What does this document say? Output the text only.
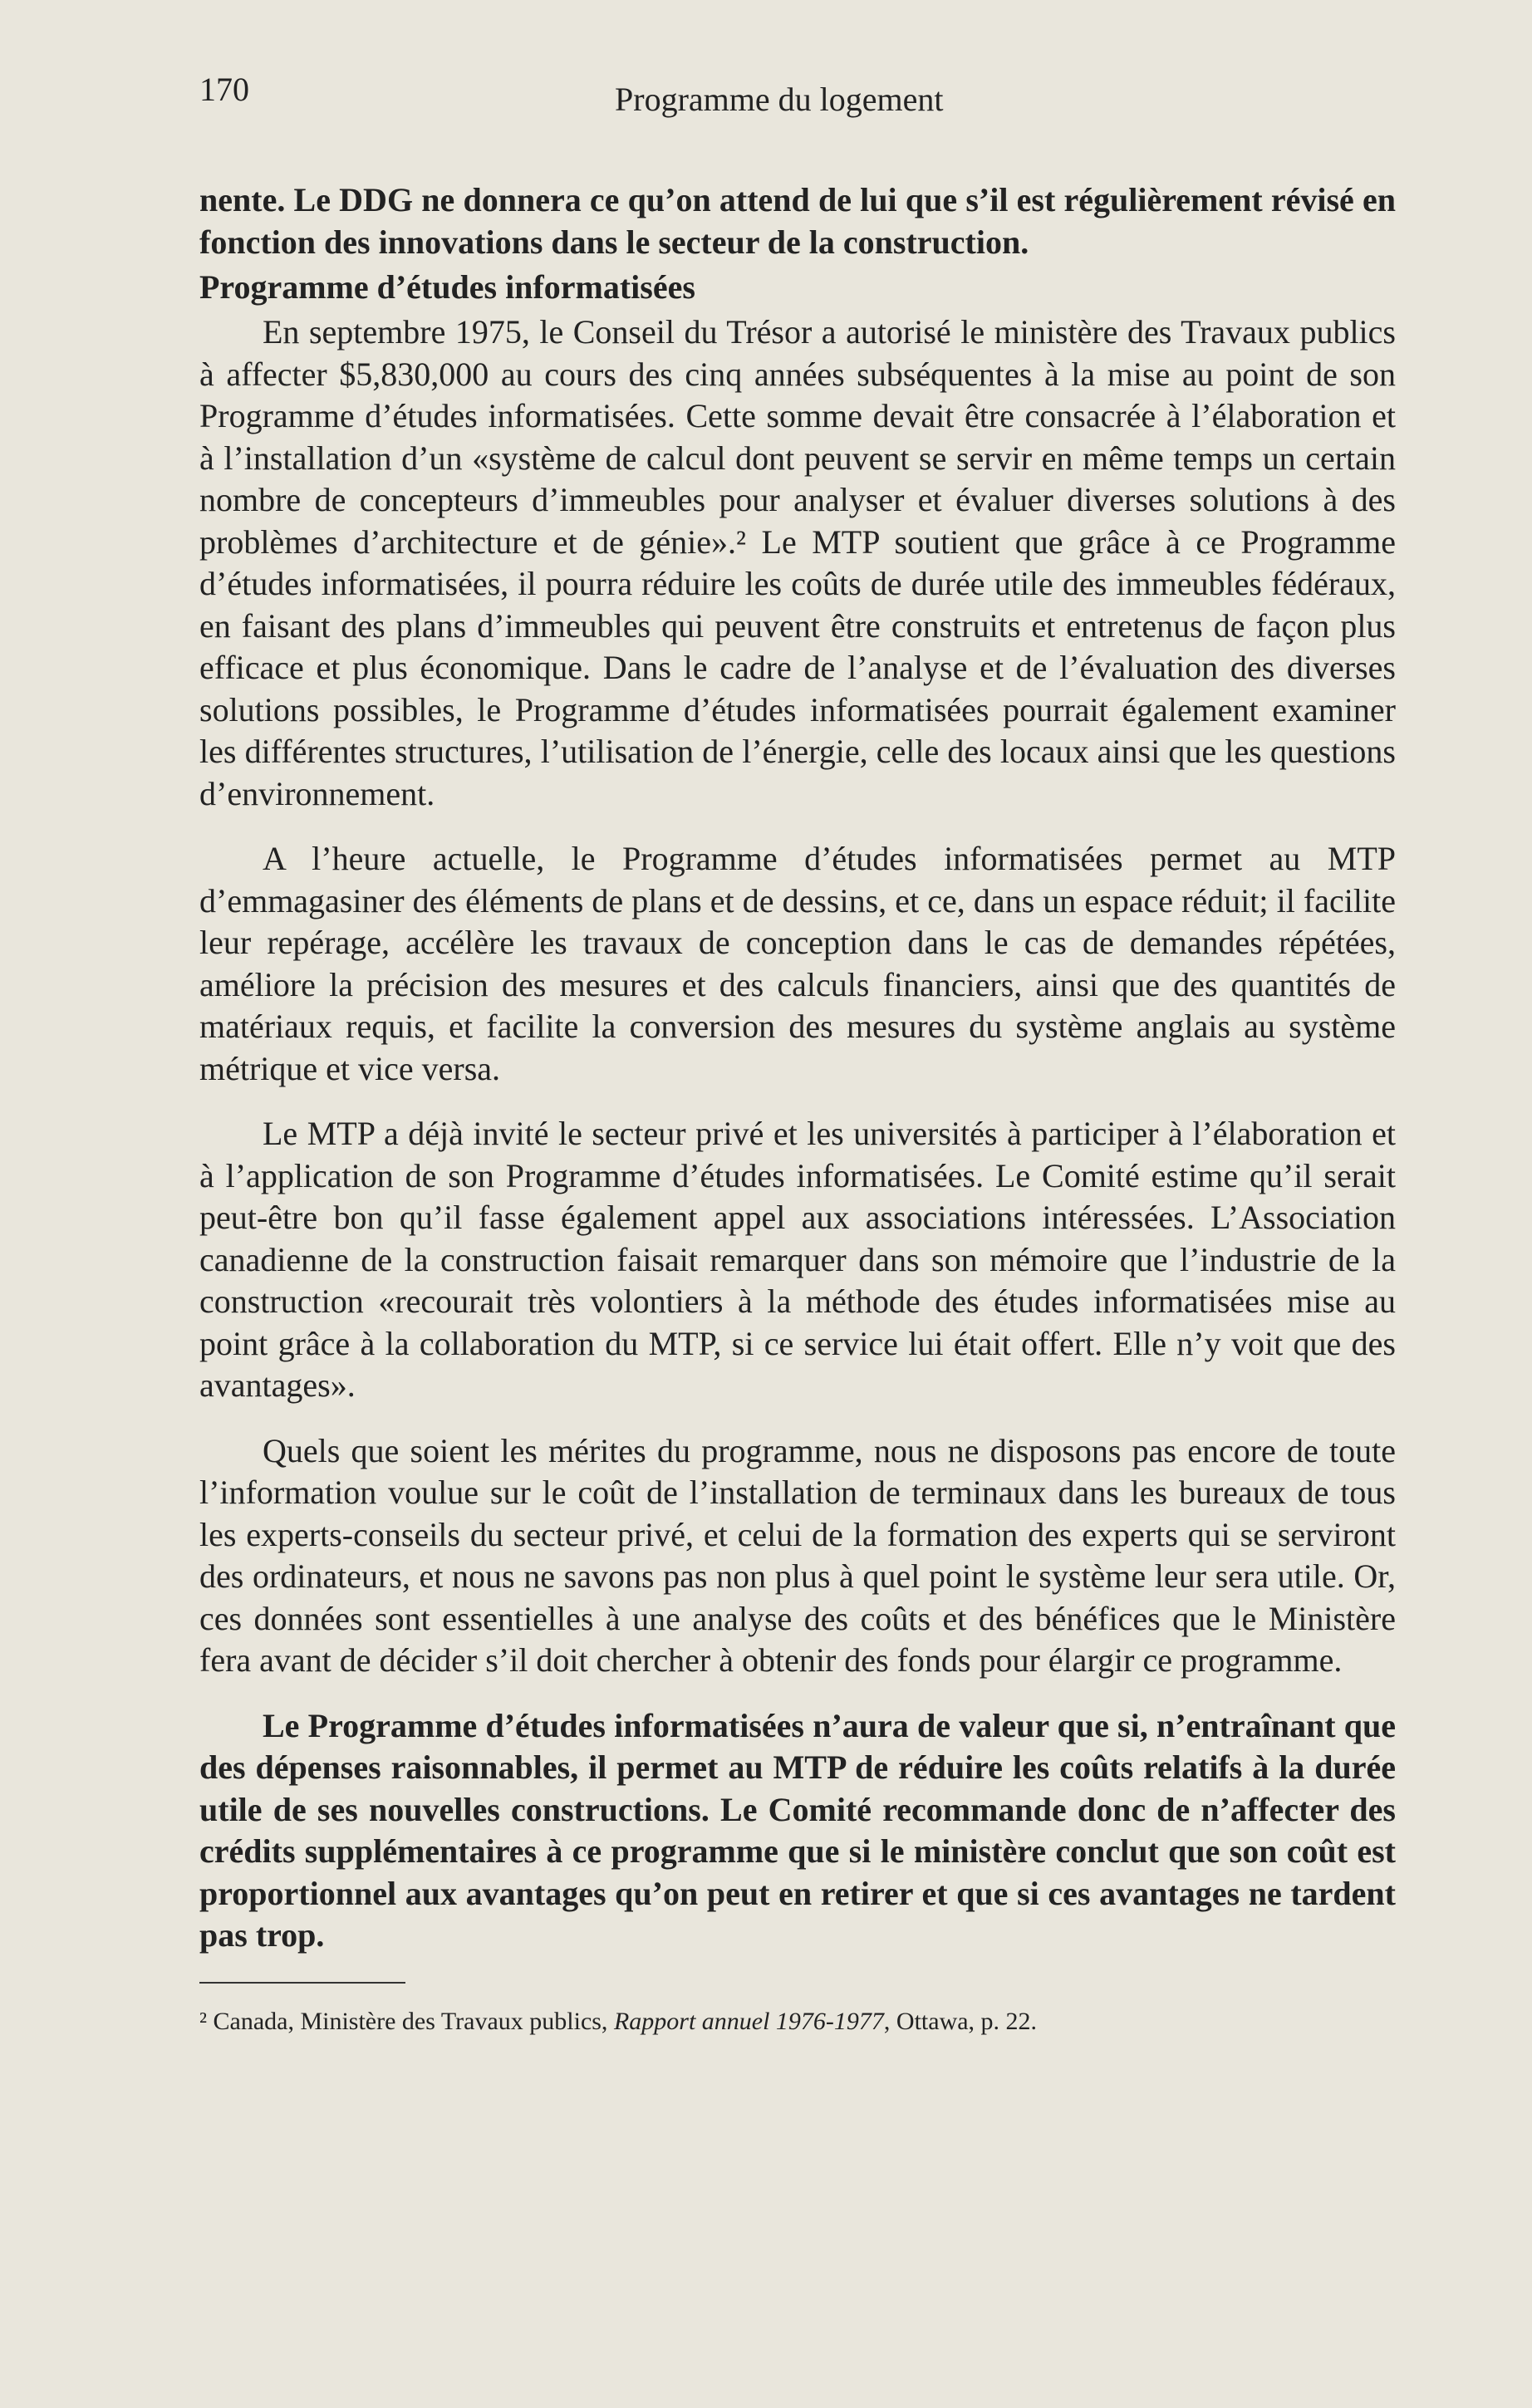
170	Programme du logement

nente. Le DDG ne donnera ce qu’on attend de lui que s’il est régulièrement révisé en fonction des innovations dans le secteur de la construction.

Programme d’études informatisées

En septembre 1975, le Conseil du Trésor a autorisé le ministère des Travaux publics à affecter $5,830,000 au cours des cinq années subséquentes à la mise au point de son Programme d’études informatisées. Cette somme devait être consacrée à l’élaboration et à l’installation d’un «système de calcul dont peuvent se servir en même temps un certain nombre de concepteurs d’immeubles pour analyser et évaluer diverses solutions à des problèmes d’architecture et de génie».² Le MTP soutient que grâce à ce Programme d’études informatisées, il pourra réduire les coûts de durée utile des immeubles fédéraux, en faisant des plans d’immeubles qui peuvent être construits et entretenus de façon plus efficace et plus économique. Dans le cadre de l’analyse et de l’évaluation des diverses solutions possibles, le Programme d’études informatisées pourrait également examiner les différentes structures, l’utilisation de l’énergie, celle des locaux ainsi que les questions d’environnement.

A l’heure actuelle, le Programme d’études informatisées permet au MTP d’emmagasiner des éléments de plans et de dessins, et ce, dans un espace réduit; il facilite leur repérage, accélère les travaux de conception dans le cas de demandes répétées, améliore la précision des mesures et des calculs financiers, ainsi que des quantités de matériaux requis, et facilite la conversion des mesures du système anglais au système métrique et vice versa.

Le MTP a déjà invité le secteur privé et les universités à participer à l’élaboration et à l’application de son Programme d’études informatisées. Le Comité estime qu’il serait peut-être bon qu’il fasse également appel aux associations intéressées. L’Association canadienne de la construction faisait remarquer dans son mémoire que l’industrie de la construction «recourait très volontiers à la méthode des études informatisées mise au point grâce à la collaboration du MTP, si ce service lui était offert. Elle n’y voit que des avantages».

Quels que soient les mérites du programme, nous ne disposons pas encore de toute l’information voulue sur le coût de l’installation de terminaux dans les bureaux de tous les experts-conseils du secteur privé, et celui de la formation des experts qui se serviront des ordinateurs, et nous ne savons pas non plus à quel point le système leur sera utile. Or, ces données sont essentielles à une analyse des coûts et des bénéfices que le Ministère fera avant de décider s’il doit chercher à obtenir des fonds pour élargir ce programme.

Le Programme d’études informatisées n’aura de valeur que si, n’entraînant que des dépenses raisonnables, il permet au MTP de réduire les coûts relatifs à la durée utile de ses nouvelles constructions. Le Comité recommande donc de n’affecter des crédits supplémentaires à ce programme que si le ministère conclut que son coût est proportionnel aux avantages qu’on peut en retirer et que si ces avantages ne tardent pas trop.

² Canada, Ministère des Travaux publics, Rapport annuel 1976-1977, Ottawa, p. 22.
